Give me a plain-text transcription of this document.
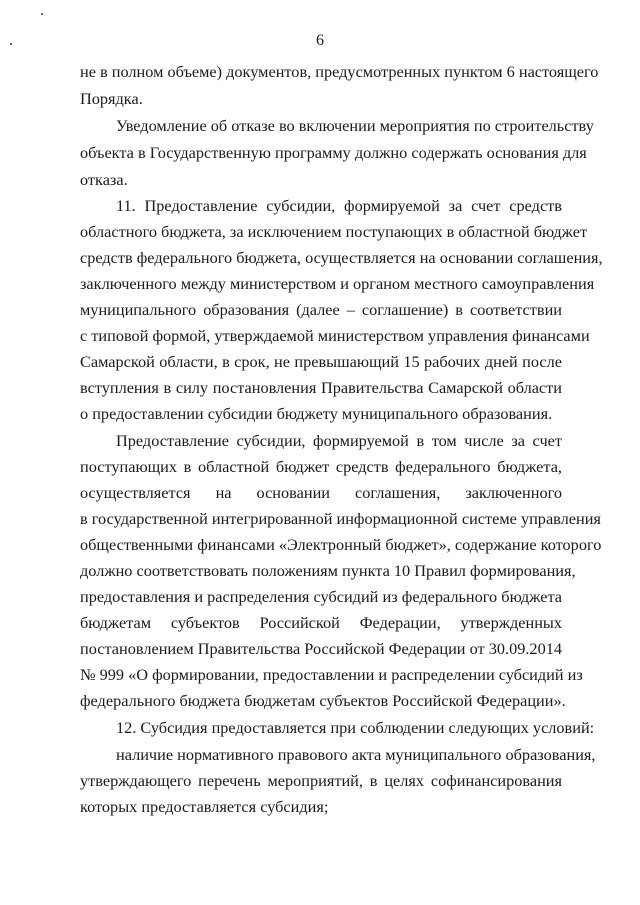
6
не в полном объеме) документов, предусмотренных пунктом 6 настоящего
Порядка.
Уведомление об отказе во включении мероприятия по строительству
объекта в Государственную программу должно содержать основания для
отказа.
11. Предоставление субсидии, формируемой за счет средств
областного бюджета, за исключением поступающих в областной бюджет
средств федерального бюджета, осуществляется на основании соглашения,
заключенного между министерством и органом местного самоуправления
муниципального образования (далее – соглашение) в соответствии
с типовой формой, утверждаемой министерством управления финансами
Самарской области, в срок, не превышающий 15 рабочих дней после
вступления в силу постановления Правительства Самарской области
о предоставлении субсидии бюджету муниципального образования.
Предоставление субсидии, формируемой в том числе за счет
поступающих в областной бюджет средств федерального бюджета,
осуществляется на основании соглашения, заключенного
в государственной интегрированной информационной системе управления
общественными финансами «Электронный бюджет», содержание которого
должно соответствовать положениям пункта 10 Правил формирования,
предоставления и распределения субсидий из федерального бюджета
бюджетам субъектов Российской Федерации, утвержденных
постановлением Правительства Российской Федерации от 30.09.2014
№ 999 «О формировании, предоставлении и распределении субсидий из
федерального бюджета бюджетам субъектов Российской Федерации».
12. Субсидия предоставляется при соблюдении следующих условий:
наличие нормативного правового акта муниципального образования,
утверждающего перечень мероприятий, в целях софинансирования
которых предоставляется субсидия;
